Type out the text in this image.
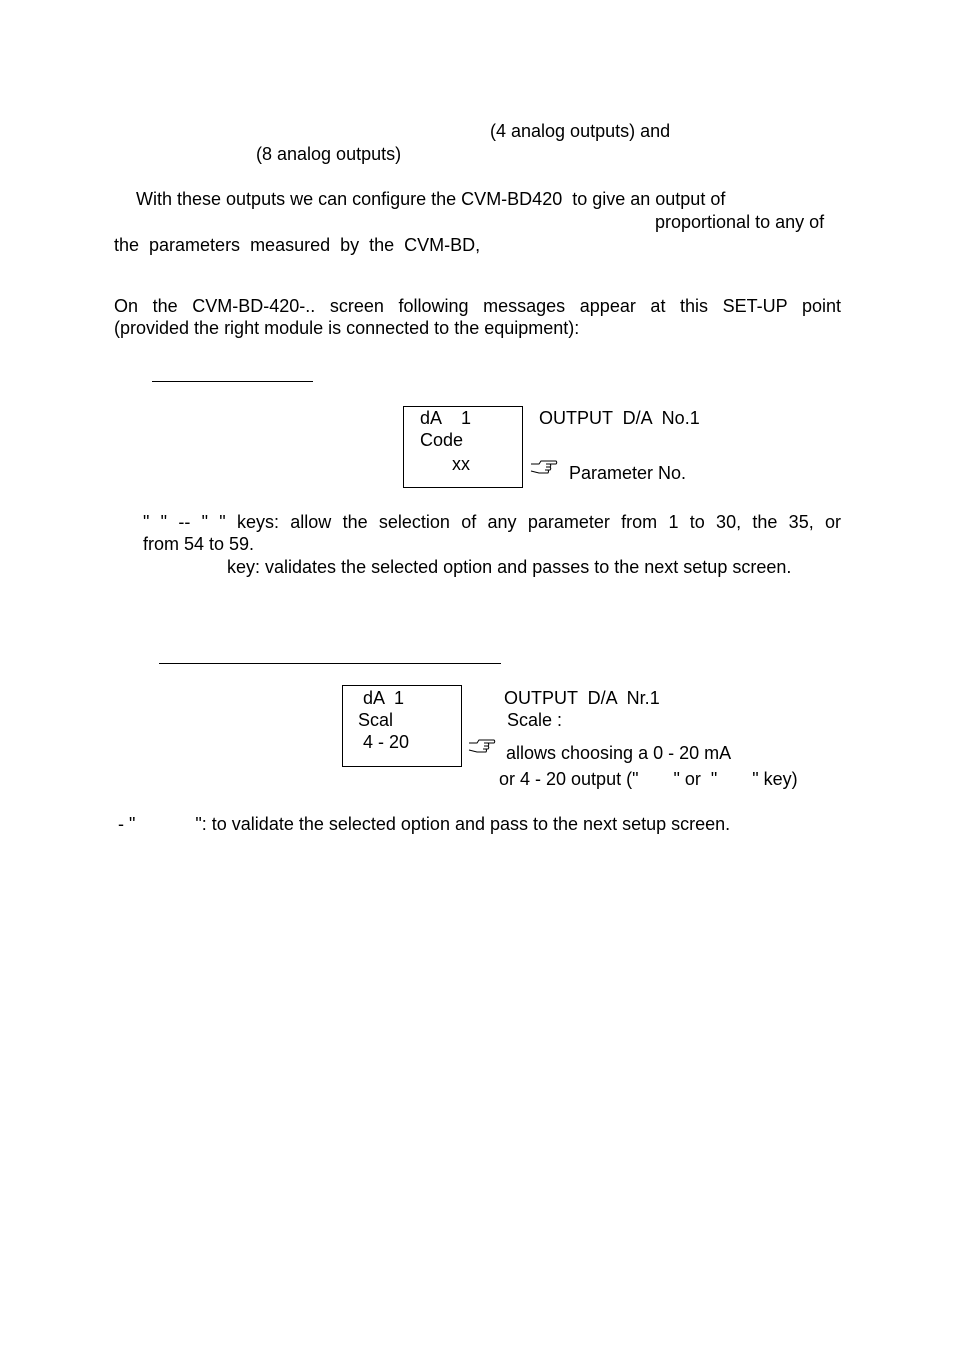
(4 analog outputs) and
(8 analog outputs)
With these outputs we can configure the CVM-BD420  to give an output of
proportional to any of
the  parameters  measured  by  the  CVM-BD,
On the CVM-BD-420-.. screen following messages appear at this SET-UP point
(provided the right module is connected to the equipment):
dA    1
Code
xx
OUTPUT  D/A  No.1
Parameter No.
" " -- " " keys: allow the selection of any parameter from 1 to 30, the 35, or
from 54 to 59.
key: validates the selected option and passes to the next setup screen.
dA  1
Scal
4 - 20
OUTPUT  D/A  Nr.1
Scale :
allows choosing a 0 - 20 mA
or 4 - 20 output ("       " or  "       " key)
- "            ": to validate the selected option and pass to the next setup screen.
